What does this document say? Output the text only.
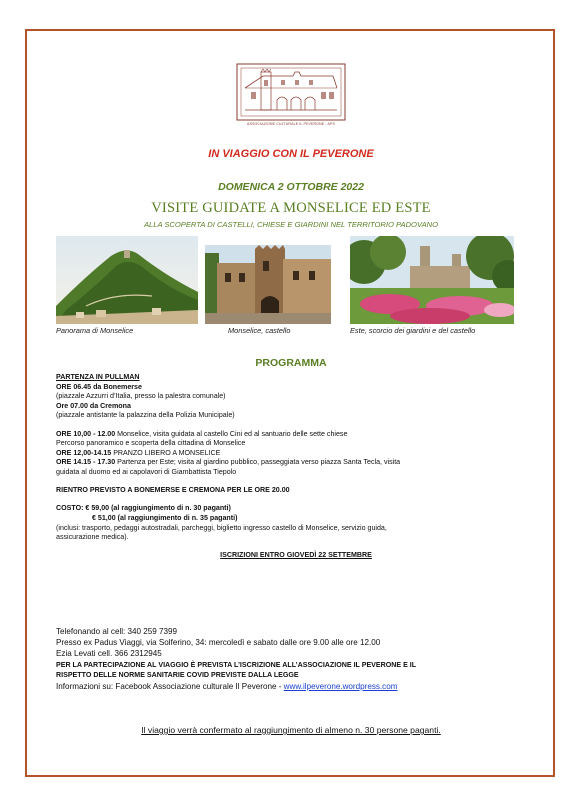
ASSOCIAZIONE CULTURALE IL PEVERONE - APS
IN VIAGGIO CON IL PEVERONE
DOMENICA 2 OTTOBRE 2022
VISITE GUIDATE A MONSELICE ED ESTE
ALLA SCOPERTA DI CASTELLI, CHIESE E GIARDINI NEL TERRITORIO PADOVANO
Panorama di Monselice	Monselice, castello	Este, scorcio dei giardini e del castello
PROGRAMMA

PARTENZA IN PULLMAN

ORE 06.45 da Bonemerse

(piazzale Azzurri d’Italia, presso la palestra comunale)

Ore 07.00 da Cremona

(piazzale antistante la palazzina della Polizia Municipale)

ORE 10,00 - 12.00 Monselice, visita guidata al castello Cini ed al santuario delle sette chiese

Percorso panoramico e scoperta della cittadina di Monselice

ORE 12,00-14.15 PRANZO LIBERO A MONSELICE

ORE 14.15 - 17.30 Partenza per Este; visita al giardino pubblico, passeggiata verso piazza Santa Tecla, visita

guidata al duomo ed ai capolavori di Giambattista Tiepolo

RIENTRO PREVISTO A BONEMERSE E CREMONA PER LE ORE 20.00

COSTO: € 59,00 (al raggiungimento di n. 30 paganti)

€ 51,00 (al raggiungimento di n. 35 paganti)

(inclusi: trasporto, pedaggi autostradali, parcheggi, biglietto ingresso castello di Monselice, servizio guida,

assicurazione medica).

ISCRIZIONI ENTRO GIOVEDÌ 22 SETTEMBRE

Telefonando al cell: 340 259 7399

Presso ex Padus Viaggi, via Solferino, 34: mercoledì e sabato dalle ore 9.00 alle ore 12.00

Ezia Levati cell. 366 2312945

PER LA PARTECIPAZIONE AL VIAGGIO È PREVISTA L’ISCRIZIONE ALL’ASSOCIAZIONE IL PEVERONE E IL

RISPETTO DELLE NORME SANITARIE COVID PREVISTE DALLA LEGGE

Informazioni su: Facebook Associazione culturale Il Peverone - www.ilpeverone.wordpress.com

Il viaggio verrà confermato al raggiungimento di almeno n. 30 persone paganti.
